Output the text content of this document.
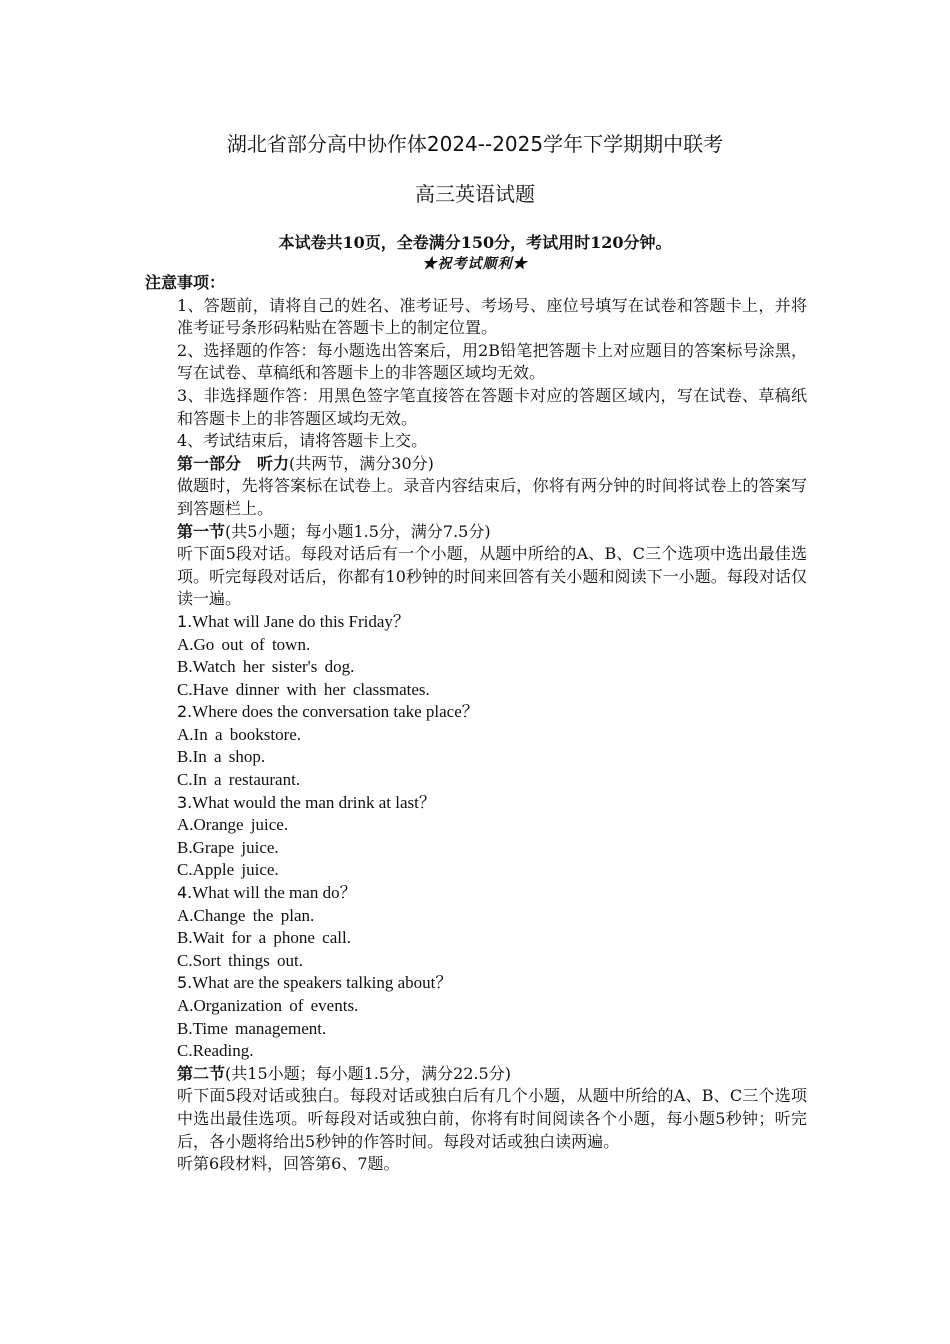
湖北省部分高中协作体2024--2025学年下学期期中联考
高三英语试题
本试卷共10页，全卷满分150分，考试用时120分钟。
★祝考试顺利★
注意事项：
1、答题前，请将自己的姓名、准考证号、考场号、座位号填写在试卷和答题卡上，并将准考证号条形码粘贴在答题卡上的制定位置。
2、选择题的作答：每小题选出答案后，用2B铅笔把答题卡上对应题目的答案标号涂黑，写在试卷、草稿纸和答题卡上的非答题区域均无效。
3、非选择题作答：用黑色签字笔直接答在答题卡对应的答题区域内，写在试卷、草稿纸和答题卡上的非答题区域均无效。
4、考试结束后，请将答题卡上交。
第一部分　听力(共两节，满分30分)
做题时，先将答案标在试卷上。录音内容结束后，你将有两分钟的时间将试卷上的答案写到答题栏上。
第一节(共5小题；每小题1.5分，满分7.5分)
听下面5段对话。每段对话后有一个小题，从题中所给的A、B、C三个选项中选出最佳选项。听完每段对话后，你都有10秒钟的时间来回答有关小题和阅读下一小题。每段对话仅读一遍。
1.What will Jane do this Friday？
A.Go out of town.
B.Watch her sister's dog.
C.Have dinner with her classmates.
2.Where does the conversation take place？
A.In a bookstore.
B.In a shop.
C.In a restaurant.
3.What would the man drink at last？
A.Orange juice.
B.Grape juice.
C.Apple juice.
4.What will the man do？
A.Change the plan.
B.Wait for a phone call.
C.Sort things out.
5.What are the speakers talking about？
A.Organization of events.
B.Time management.
C.Reading.
第二节(共15小题；每小题1.5分，满分22.5分)
听下面5段对话或独白。每段对话或独白后有几个小题，从题中所给的A、B、C三个选项中选出最佳选项。听每段对话或独白前，你将有时间阅读各个小题，每小题5秒钟；听完后，各小题将给出5秒钟的作答时间。每段对话或独白读两遍。
听第6段材料，回答第6、7题。
